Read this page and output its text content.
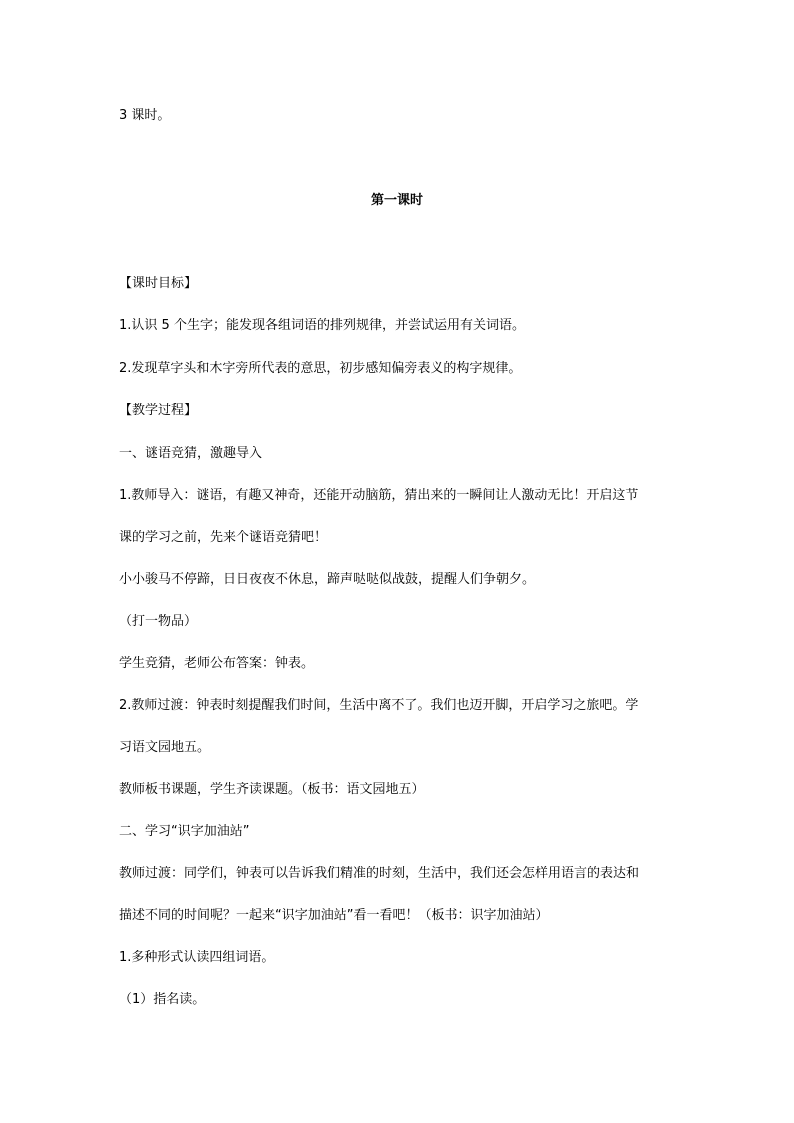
3 课时。
第一课时
【课时目标】
1.认识 5 个生字；能发现各组词语的排列规律，并尝试运用有关词语。
2.发现草字头和木字旁所代表的意思，初步感知偏旁表义的构字规律。
【教学过程】
一、谜语竞猜，激趣导入
1.教师导入：谜语，有趣又神奇，还能开动脑筋，猜出来的一瞬间让人激动无比！开启这节
课的学习之前，先来个谜语竞猜吧！
小小骏马不停蹄，日日夜夜不休息，蹄声哒哒似战鼓，提醒人们争朝夕。
（打一物品）
学生竞猜，老师公布答案：钟表。
2.教师过渡：钟表时刻提醒我们时间，生活中离不了。我们也迈开脚，开启学习之旅吧。学
习语文园地五。
教师板书课题，学生齐读课题。（板书：语文园地五）
二、学习“识字加油站”
教师过渡：同学们，钟表可以告诉我们精准的时刻，生活中，我们还会怎样用语言的表达和
描述不同的时间呢？一起来“识字加油站”看一看吧！（板书：识字加油站）
1.多种形式认读四组词语。
（1）指名读。
